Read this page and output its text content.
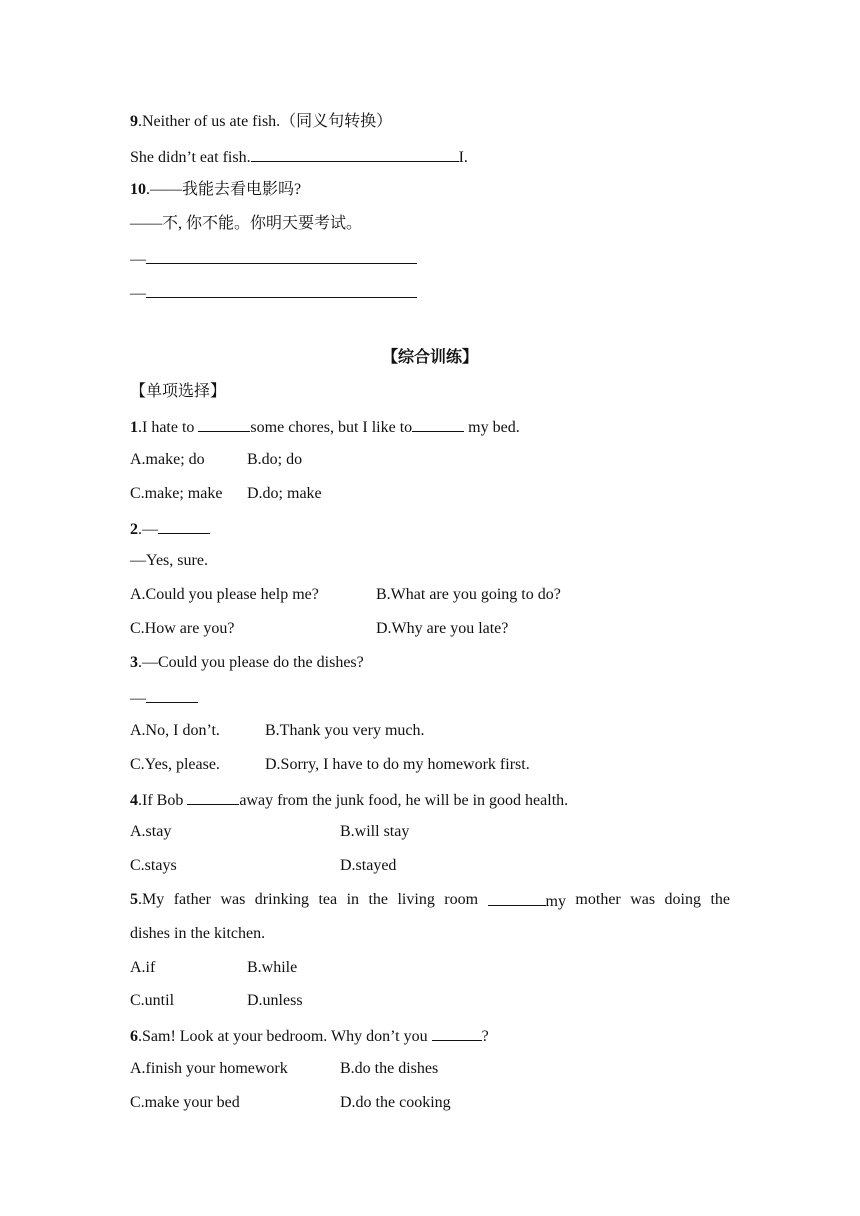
9.Neither of us ate fish.（同义句转换）
She didn’t eat fish.	I.
10.——我能去看电影吗?
——不, 你不能。你明天要考试。
—
—
【综合训练】
【单项选择】
1.I hate to	some chores, but I like to	my bed.
A.make; do	B.do; do
C.make; make D.do; make
2.—
—Yes, sure.
A.Could you please help me?	B.What are you going to do?
C.How are you?	D.Why are you late?
3.—Could you please do the dishes?
—
A.No, I don’t.	B.Thank you very much.
C.Yes, please.	D.Sorry, I have to do my homework first.
4.If Bob	away from the junk food, he will be in good health.
A.stay	B.will stay
C.stays	D.stayed
5.My father was drinking tea in the living room	my mother was doing the
dishes in the kitchen.
A.if	B.while
C.until	D.unless
6.Sam! Look at your bedroom. Why don’t you	?
A.finish your homework	B.do the dishes
C.make your bed	D.do the cooking
